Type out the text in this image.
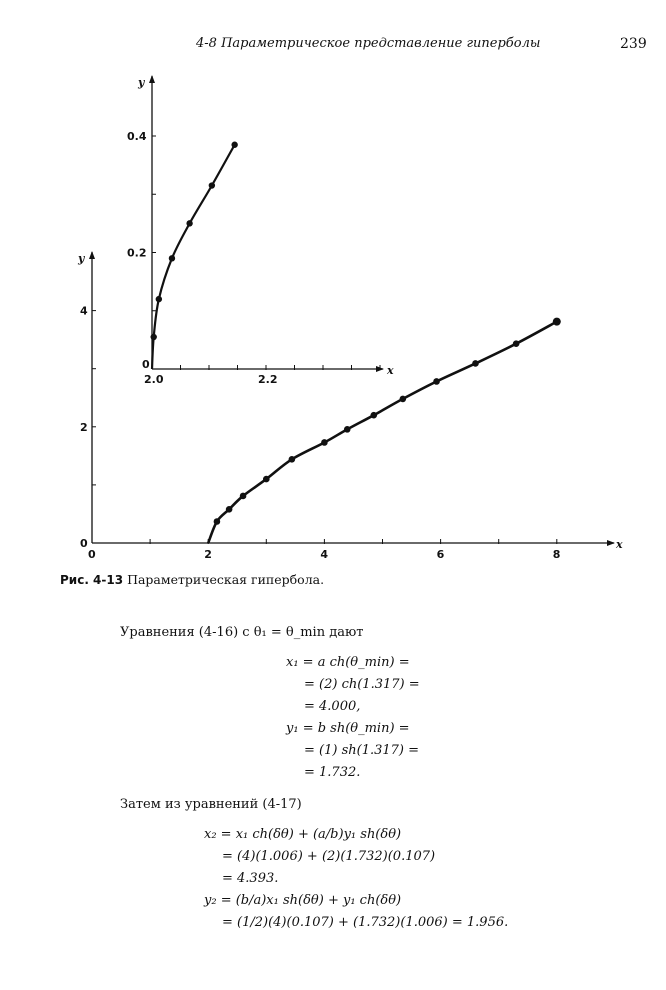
4-8 Параметрическое представление гиперболы	239
0	2	4	6	8
0
2
4
x
y
2.0	2.2
0
0.2
0.4
x
y
Рис. 4-13 Параметрическая гипербола.
Уравнения (4-16) с θ₁ = θ_min дают
x₁ = a ch(θ_min) =
= (2) ch(1.317) =
= 4.000,
y₁ = b sh(θ_min) =
= (1) sh(1.317) =
= 1.732.
Затем из уравнений (4-17)
x₂ = x₁ ch(δθ) + (a/b)y₁ sh(δθ)
= (4)(1.006) + (2)(1.732)(0.107)
= 4.393.
y₂ = (b/a)x₁ sh(δθ) + y₁ ch(δθ)
= (1/2)(4)(0.107) + (1.732)(1.006) = 1.956.
